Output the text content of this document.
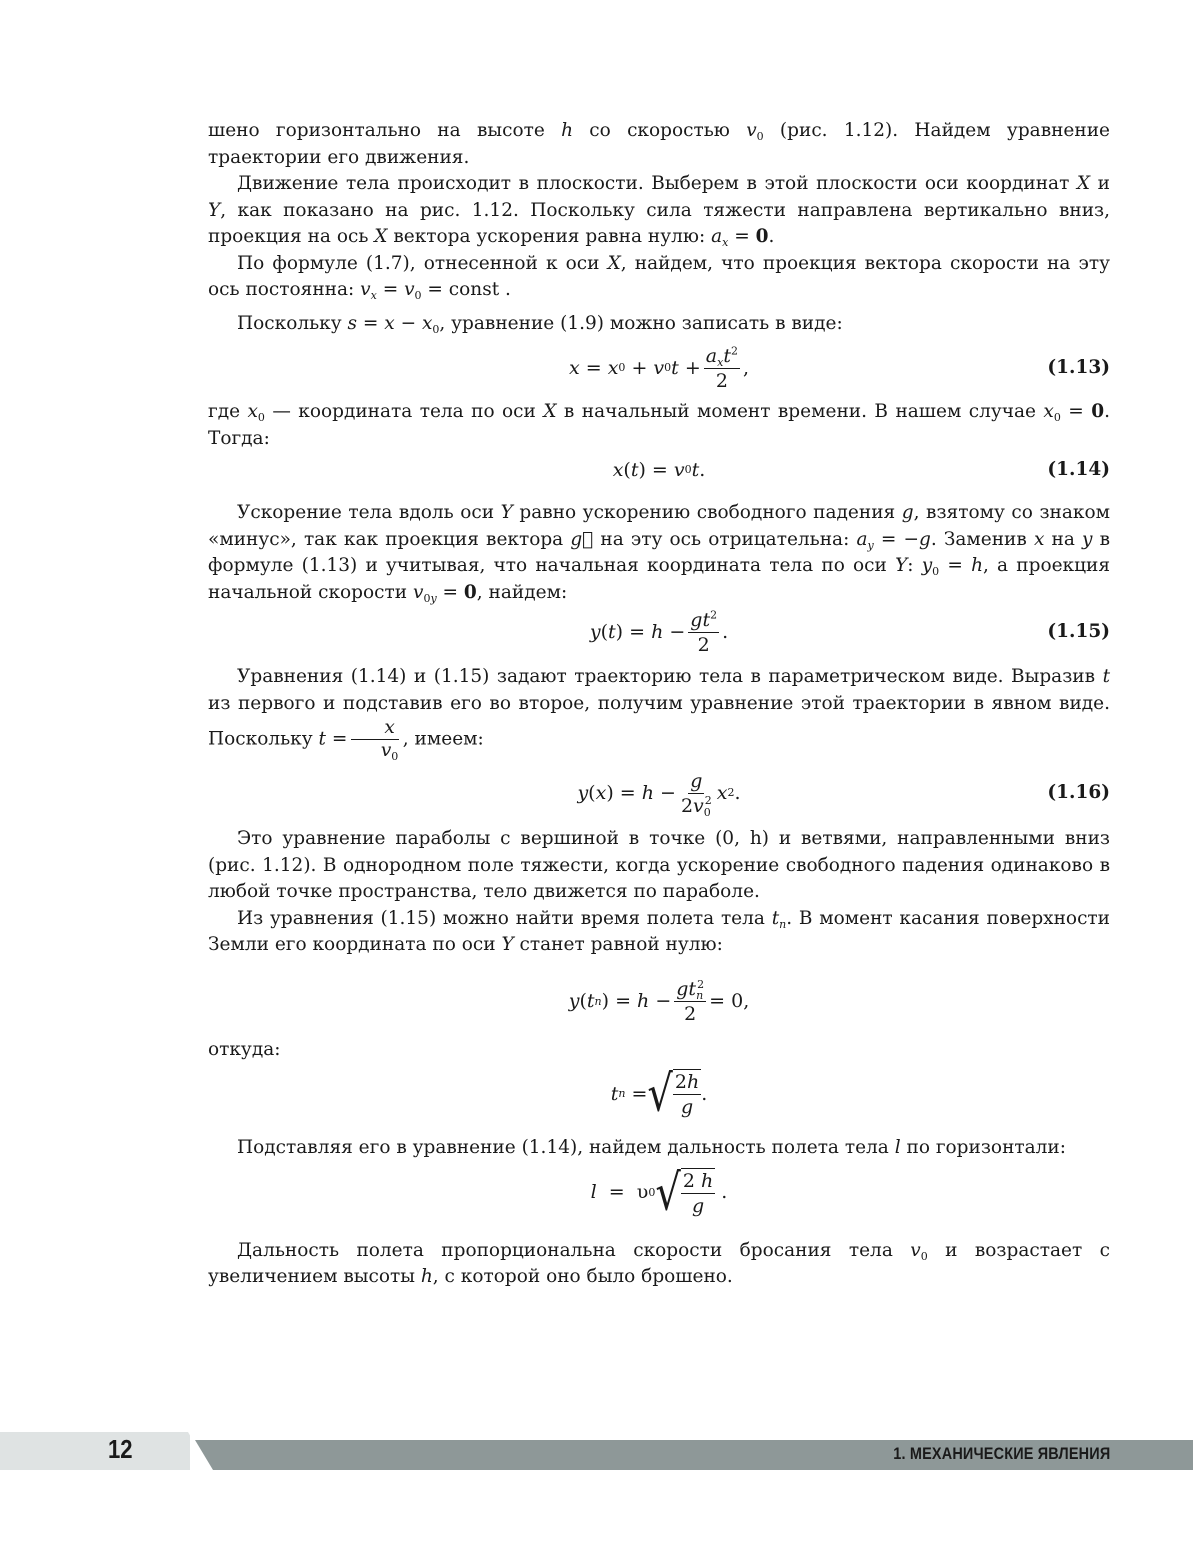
шено горизонтально на высоте h со скоростью $v_0$ (рис. 1.12). Найдем уравнение траектории его движения.

Движение тела происходит в плоскости. Выберем в этой плоскости оси координат X и Y, как показано на рис. 1.12. Поскольку сила тяжести направлена вертикально вниз, проекция на ось X вектора ускорения равна нулю: $a_x = 0$.

По формуле (1.7), отнесенной к оси X, найдем, что проекция вектора скорости на эту ось постоянна: $v_x = v_0$ = const .

Поскольку $s = x - x_0$, уравнение (1.9) можно записать в виде:

x = x 0 + v 0 $t + \frac{a_xt^2}{2}$ ,	(1.13)

где $x_0$ — координата тела по оси X в начальный момент времени. В нашем случае $x_0 = 0$. Тогда:

x ( t ) = v 0 t .	(1.14)

Ускорение тела вдоль оси Y равно ускорению свободного падения g, взятому со знаком «минус», так как проекция вектора g⃗ на эту ось отрицательна: $a_y = -g$. Заменив x на y в формуле (1.13) и учитывая, что начальная координата тела по оси Y: $y_0 = h$, а проекция начальной скорости $v_{0y} = 0$, найдем:

y ( t ) = $h - \frac{gt^2}{2}$ .	(1.15)

Уравнения (1.14) и (1.15) задают траекторию тела в параметрическом виде. Выразив t из первого и подставив его во второе, получим уравнение этой траектории в явном виде. Поскольку $t = \frac{x}{v_0}$ , имеем:

y ( x ) = $h - \frac{g}{2v_0^2}$ x 2 .	(1.16)

Это уравнение параболы с вершиной в точке (0, h) и ветвями, направленными вниз (рис. 1.12). В однородном поле тяжести, когда ускорение свободного падения одинаково в любой точке пространства, тело движется по параболе.

Из уравнения (1.15) можно найти время полета тела $t_п$. В момент касания поверхности Земли его координата по оси Y станет равной нулю:

y ( t п ) = $h - \frac{gt_п^2}{2} = 0$,

откуда:

t п = √ $\frac{2h}{g}$ .

Подставляя его в уравнение (1.14), найдем дальность полета тела l по горизонтали:

l =  υ 0 √ $\frac{2 h}{g}$ .

Дальность полета пропорциональна скорости бросания тела $v_0$ и возрастает с увеличением высоты h, с которой оно было брошено.

12	1. МЕХАНИЧЕСКИЕ ЯВЛЕНИЯ
